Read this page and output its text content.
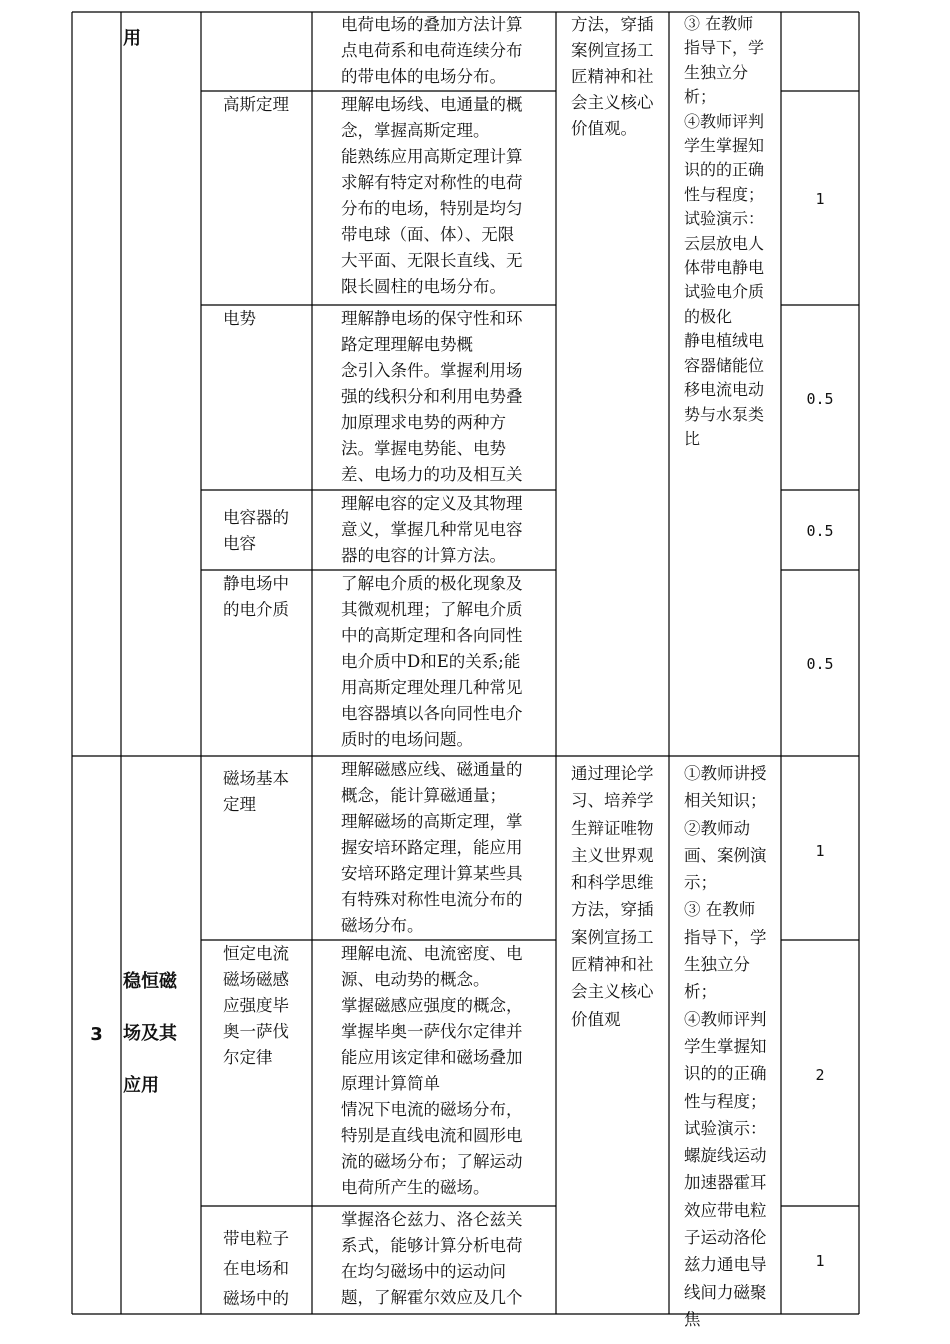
用
电荷电场的叠加方法计算
点电荷系和电荷连续分布
的带电体的电场分布。
高斯定理	理解电场线、电通量的概
念，掌握高斯定理。
能熟练应用高斯定理计算
求解有特定对称性的电荷
分布的电场，特别是均匀
带电球（面、体）、无限
大平面、无限长直线、无
限长圆柱的电场分布。
1
电势	理解静电场的保守性和环
路定理理解电势概
念引入条件。掌握利用场
强的线积分和利用电势叠
加原理求电势的两种方
法。掌握电势能、电势
差、电场力的功及相互关
0.5
电容器的
电容
理解电容的定义及其物理
意义，掌握几种常见电容
器的电容的计算方法。
0.5
静电场中
的电介质
了解电介质的极化现象及
其微观机理；了解电介质
中的高斯定理和各向同性
电介质中D和E的关系;能
用高斯定理处理几种常见
电容器填以各向同性电介
质时的电场问题。
0.5
方法，穿插
案例宣扬工
匠精神和社
会主义核心
价值观。
③ 在教师
指导下，学
生独立分
析；
④教师评判
学生掌握知
识的的正确
性与程度；
试验演示：
云层放电人
体带电静电
试验电介质
的极化
静电植绒电
容器储能位
移电流电动
势与水泵类
比
3
稳恒磁
场及其
应用
磁场基本
定理
理解磁感应线、磁通量的
概念，能计算磁通量；
理解磁场的高斯定理，掌
握安培环路定理，能应用
安培环路定理计算某些具
有特殊对称性电流分布的
磁场分布。
1
恒定电流
磁场磁感
应强度毕
奥一萨伐
尔定律
理解电流、电流密度、电
源、电动势的概念。
掌握磁感应强度的概念，
掌握毕奥一萨伐尔定律并
能应用该定律和磁场叠加
原理计算简单
情况下电流的磁场分布，
特别是直线电流和圆形电
流的磁场分布；了解运动
电荷所产生的磁场。
2
带电粒子
在电场和
磁场中的
掌握洛仑兹力、洛仑兹关
系式，能够计算分析电荷
在均匀磁场中的运动问
题，了解霍尔效应及几个
1
通过理论学
习、培养学
生辩证唯物
主义世界观
和科学思维
方法，穿插
案例宣扬工
匠精神和社
会主义核心
价值观
①教师讲授
相关知识；
②教师动
画、案例演
示；
③ 在教师
指导下，学
生独立分
析；
④教师评判
学生掌握知
识的的正确
性与程度；
试验演示：
螺旋线运动
加速器霍耳
效应带电粒
子运动洛伦
兹力通电导
线间力磁聚
焦
